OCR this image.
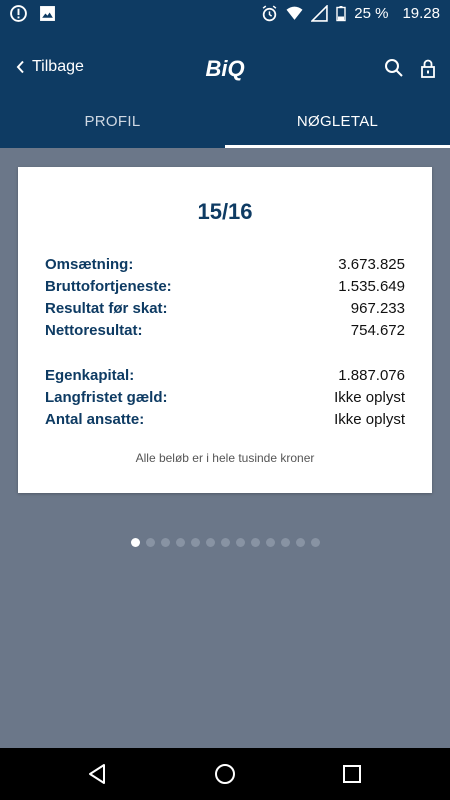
25 % 19.28
Tilbage	BiQ
PROFIL	NØGLETAL
15/16
Omsætning:	3.673.825
Bruttofortjeneste:	1.535.649
Resultat før skat:	967.233
Nettoresultat:	754.672
Egenkapital:	1.887.076
Langfristet gæld:	Ikke oplyst
Antal ansatte:	Ikke oplyst
Alle beløb er i hele tusinde kroner
